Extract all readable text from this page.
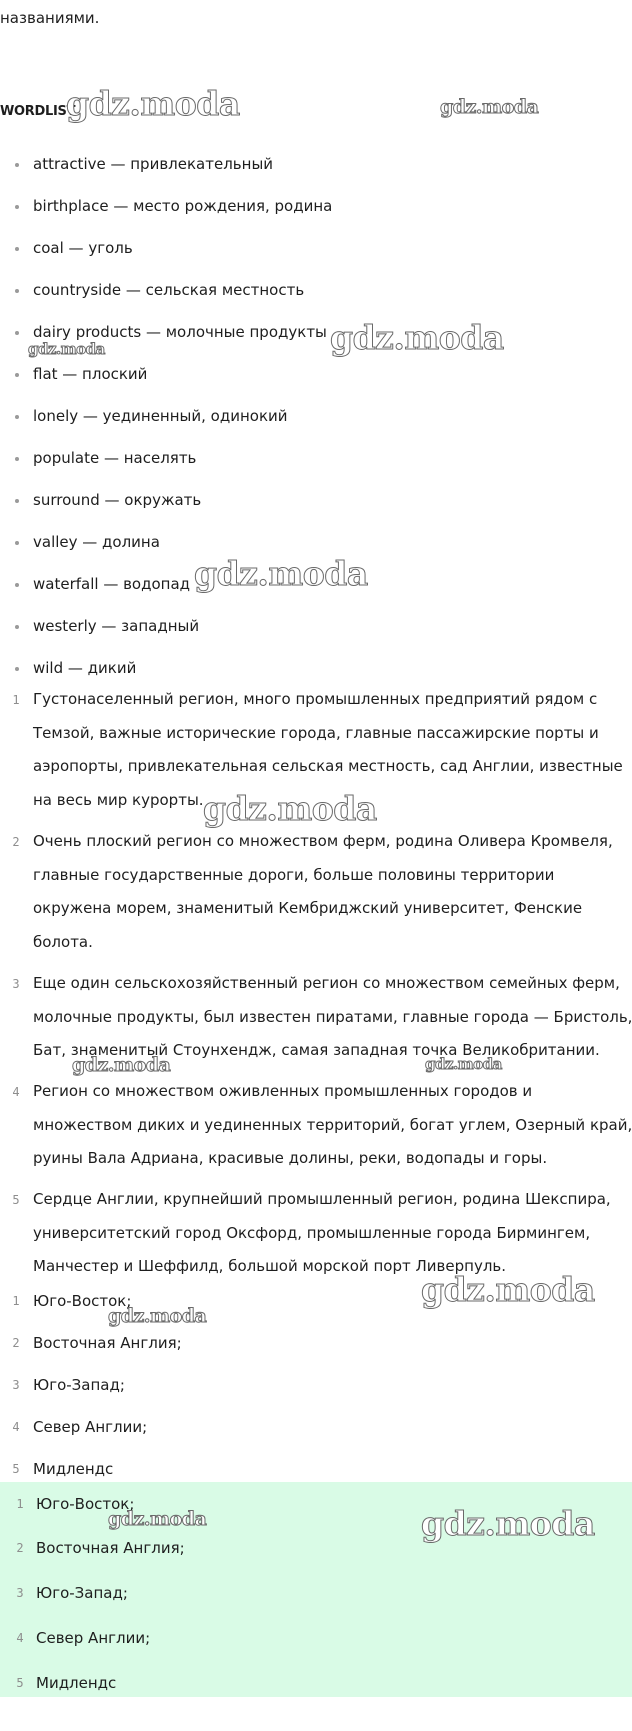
названиями.
WORDLIST
attractive — привлекательный
birthplace — место рождения, родина
coal — уголь
countryside — сельская местность
dairy products — молочные продукты
flat — плоский
lonely — уединенный, одинокий
populate — населять
surround — окружать
valley — долина
waterfall — водопад
westerly — западный
wild — дикий
1 Густонаселенный регион, много промышленных предприятий рядом с
Темзой, важные исторические города, главные пассажирские порты и
аэропорты, привлекательная сельская местность, сад Англии, известные
на весь мир курорты.
2 Очень плоский регион со множеством ферм, родина Оливера Кромвеля,
главные государственные дороги, больше половины территории
окружена морем, знаменитый Кембриджский университет, Фенские
болота.
3 Еще один сельскохозяйственный регион со множеством семейных ферм,
молочные продукты, был известен пиратами, главные города — Бристоль,
Бат, знаменитый Стоунхендж, самая западная точка Великобритании.
4 Регион со множеством оживленных промышленных городов и
множеством диких и уединенных территорий, богат углем, Озерный край,
руины Вала Адриана, красивые долины, реки, водопады и горы.
5 Сердце Англии, крупнейший промышленный регион, родина Шекспира,
университетский город Оксфорд, промышленные города Бирмингем,
Манчестер и Шеффилд, большой морской порт Ливерпуль.
1 Юго-Восток;
2 Восточная Англия;
3 Юго-Запад;
4 Север Англии;
5 Мидлендс
1 Юго-Восток;
2 Восточная Англия;
3 Юго-Запад;
4 Север Англии;
5 Мидлендс
gdz.moda	gdz.moda
gdz.moda
gdz.moda
gdz.moda
gdz.moda
gdz.moda	gdz.moda
gdz.moda
gdz.moda
gdz.moda	gdz.moda
